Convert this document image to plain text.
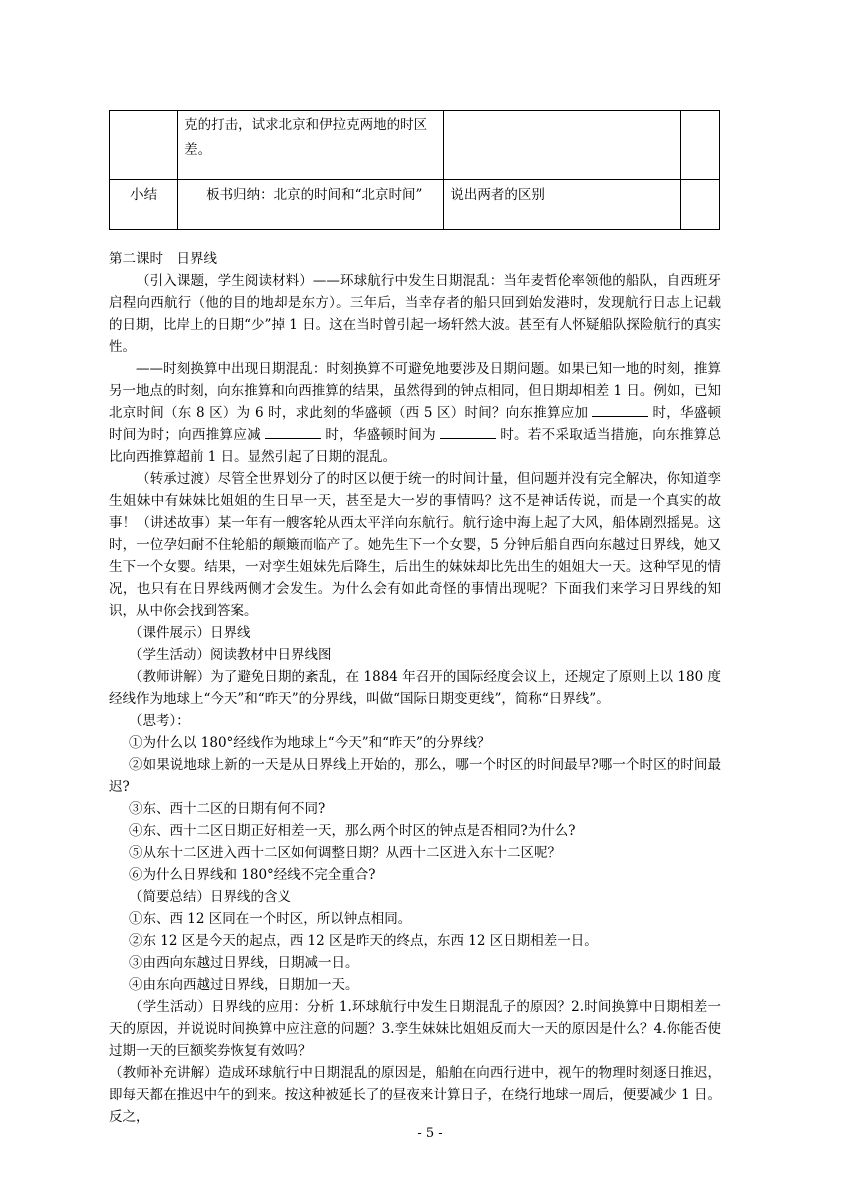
	克的打击，试求北京和伊拉克两地的时区差。		
小结	板书归纳：北京的时间和“北京时间”	说出两者的区别	

第二课时　日界线

（引入课题，学生阅读材料）——环球航行中发生日期混乱：当年麦哲伦率领他的船队，自西班牙启程向西航行（他的目的地却是东方）。三年后，当幸存者的船只回到始发港时，发现航行日志上记载的日期，比岸上的日期“少”掉 1 日。这在当时曾引起一场轩然大波。甚至有人怀疑船队探险航行的真实性。

——时刻换算中出现日期混乱：时刻换算不可避免地要涉及日期问题。如果已知一地的时刻，推算另一地点的时刻，向东推算和向西推算的结果，虽然得到的钟点相同，但日期却相差 1 日。例如，已知北京时间（东 8 区）为 6 时，求此刻的华盛顿（西 5 区）时间？向东推算应加	时，华盛顿时间为时；向西推算应减	时，华盛顿时间为	时。若不采取适当措施，向东推算总比向西推算超前 1 日。显然引起了日期的混乱。

（转承过渡）尽管全世界划分了的时区以便于统一的时间计量，但问题并没有完全解决，你知道孪生姐妹中有妹妹比姐姐的生日早一天，甚至是大一岁的事情吗？这不是神话传说，而是一个真实的故事！（讲述故事）某一年有一艘客轮从西太平洋向东航行。航行途中海上起了大风，船体剧烈摇晃。这时，一位孕妇耐不住轮船的颠簸而临产了。她先生下一个女婴，5 分钟后船自西向东越过日界线，她又生下一个女婴。结果，一对孪生姐妹先后降生，后出生的妹妹却比先出生的姐姐大一天。这种罕见的情况，也只有在日界线两侧才会发生。为什么会有如此奇怪的事情出现呢？下面我们来学习日界线的知识，从中你会找到答案。

（课件展示）日界线

（学生活动）阅读教材中日界线图

（教师讲解）为了避免日期的紊乱，在 1884 年召开的国际经度会议上，还规定了原则上以 180 度经线作为地球上“今天”和“昨天”的分界线，叫做“国际日期变更线”，简称“日界线”。

（思考）：

①为什么以 180°经线作为地球上“今天”和“昨天”的分界线？

②如果说地球上新的一天是从日界线上开始的，那么，哪一个时区的时间最早?哪一个时区的时间最迟?

③东、西十二区的日期有何不同?

④东、西十二区日期正好相差一天，那么两个时区的钟点是否相同?为什么?

⑤从东十二区进入西十二区如何调整日期？从西十二区进入东十二区呢？

⑥为什么日界线和 180°经线不完全重合?

（简要总结）日界线的含义

①东、西 12 区同在一个时区，所以钟点相同。

②东 12 区是今天的起点，西 12 区是昨天的终点，东西 12 区日期相差一日。

③由西向东越过日界线，日期减一日。

④由东向西越过日界线，日期加一天。

（学生活动）日界线的应用：分析 1.环球航行中发生日期混乱子的原因？2.时间换算中日期相差一天的原因，并说说时间换算中应注意的问题？3.孪生妹妹比姐姐反而大一天的原因是什么？4.你能否使过期一天的巨额奖券恢复有效吗？

（教师补充讲解）造成环球航行中日期混乱的原因是，船舶在向西行进中，视午的物理时刻逐日推迟，即每天都在推迟中午的到来。按这种被延长了的昼夜来计算日子，在绕行地球一周后，便要减少 1 日。反之，

- 5 -
